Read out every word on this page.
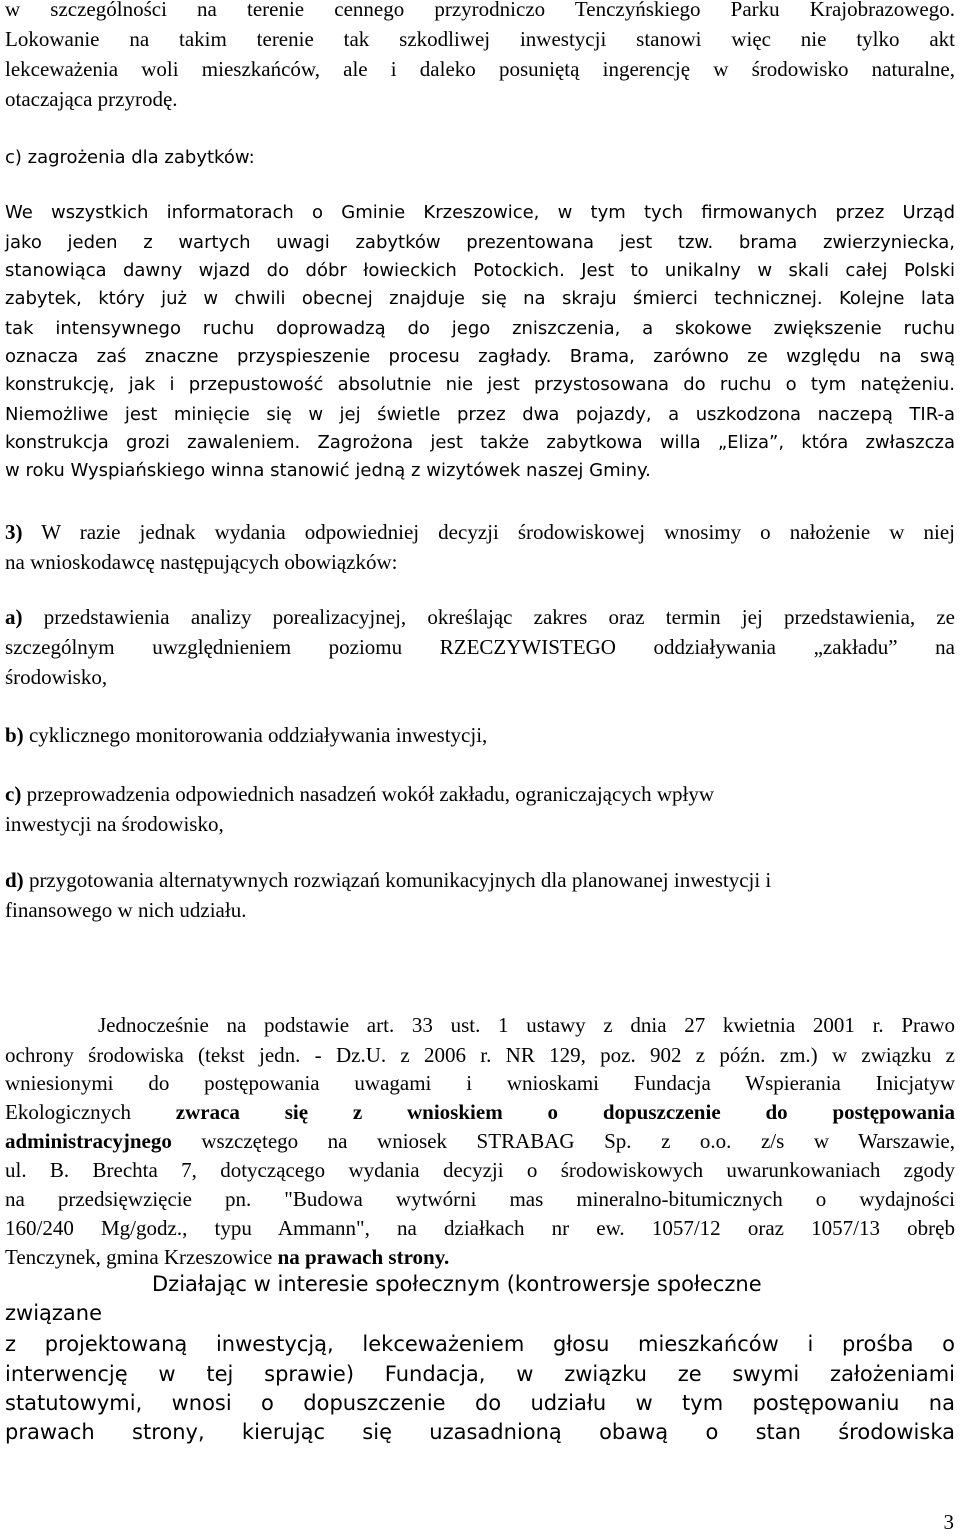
w szczególności na terenie cennego przyrodniczo Tenczyńskiego Parku Krajobrazowego.
Lokowanie na takim terenie tak szkodliwej inwestycji stanowi więc nie tylko akt
lekceważenia woli mieszkańców, ale i daleko posuniętą ingerencję w środowisko naturalne,
otaczająca przyrodę.
c) zagrożenia dla zabytków:
We wszystkich informatorach o Gminie Krzeszowice, w tym tych firmowanych przez Urząd
jako jeden z wartych uwagi zabytków prezentowana jest tzw. brama zwierzyniecka,
stanowiąca dawny wjazd do dóbr łowieckich Potockich. Jest to unikalny w skali całej Polski
zabytek, który już w chwili obecnej znajduje się na skraju śmierci technicznej. Kolejne lata
tak intensywnego ruchu doprowadzą do jego zniszczenia, a skokowe zwiększenie ruchu
oznacza zaś znaczne przyspieszenie procesu zagłady. Brama, zarówno ze względu na swą
konstrukcję, jak i przepustowość absolutnie nie jest przystosowana do ruchu o tym natężeniu.
Niemożliwe jest minięcie się w jej świetle przez dwa pojazdy, a uszkodzona naczepą TIR-a
konstrukcja grozi zawaleniem. Zagrożona jest także zabytkowa willa „Eliza”, która zwłaszcza
w roku Wyspiańskiego winna stanowić jedną z wizytówek naszej Gminy.
3) W razie jednak wydania odpowiedniej decyzji środowiskowej wnosimy o nałożenie w niej
na wnioskodawcę następujących obowiązków:
a) przedstawienia analizy porealizacyjnej, określając zakres oraz termin jej przedstawienia, ze
szczególnym uwzględnieniem poziomu RZECZYWISTEGO oddziaływania „zakładu” na
środowisko,
b) cyklicznego monitorowania oddziaływania inwestycji,
c) przeprowadzenia odpowiednich nasadzeń wokół zakładu, ograniczających wpływ
inwestycji na środowisko,
d) przygotowania alternatywnych rozwiązań komunikacyjnych dla planowanej inwestycji i
finansowego w nich udziału.
Jednocześnie na podstawie art. 33 ust. 1 ustawy z dnia 27 kwietnia 2001 r. Prawo
ochrony środowiska (tekst jedn. - Dz.U. z 2006 r. NR 129, poz. 902 z późn. zm.) w związku z
wniesionymi do postępowania uwagami i wnioskami Fundacja Wspierania Inicjatyw
Ekologicznych zwraca się z wnioskiem o dopuszczenie do postępowania
administracyjnego wszczętego na wniosek STRABAG Sp. z o.o. z/s w Warszawie,
ul. B. Brechta 7, dotyczącego wydania decyzji o środowiskowych uwarunkowaniach zgody
na przedsięwzięcie pn. "Budowa wytwórni mas mineralno-bitumicznych o wydajności
160/240 Mg/godz., typu Ammann", na działkach nr ew. 1057/12 oraz 1057/13 obręb
Tenczynek, gmina Krzeszowice na prawach strony.
Działając w interesie społecznym (kontrowersje społeczne
związane
z projektowaną inwestycją, lekceważeniem głosu mieszkańców i prośba o
interwencję w tej sprawie) Fundacja, w związku ze swymi założeniami
statutowymi, wnosi o dopuszczenie do udziału w tym postępowaniu na
prawach strony, kierując się uzasadnioną obawą o stan środowiska
3
